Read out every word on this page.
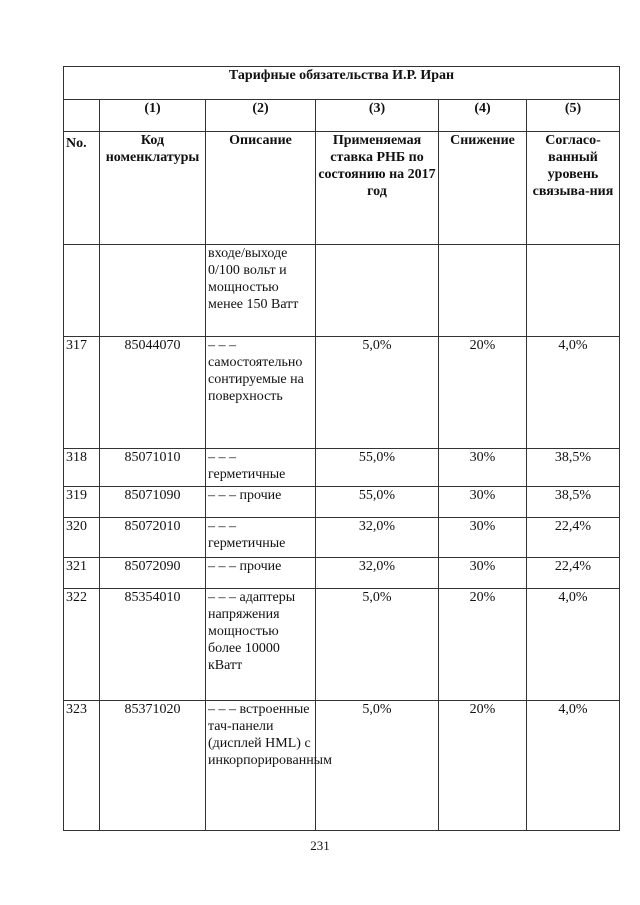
Тарифные обязательства И.Р. Иран					
	(1)	(2)	(3)	(4)	(5)
No.	Код номенклатуры	Описание	Применяемая ставка РНБ по состоянию на 2017 год	Снижение	Согласо-ванный уровень связыва-ния
		входе/выходе 0/100 вольт и мощностью менее 150 Ватт			
317	85044070	– – – самостоятельно сонтируемые на поверхность	5,0%	20%	4,0%
318	85071010	– – – герметичные	55,0%	30%	38,5%
319	85071090	– – – прочие	55,0%	30%	38,5%
320	85072010	– – – герметичные	32,0%	30%	22,4%
321	85072090	– – – прочие	32,0%	30%	22,4%
322	85354010	– – – адаптеры напряжения мощностью более 10000 кВатт	5,0%	20%	4,0%
323	85371020	– – – встроенные тач-панели (дисплей HML) с инкорпорированным	5,0%	20%	4,0%
231
